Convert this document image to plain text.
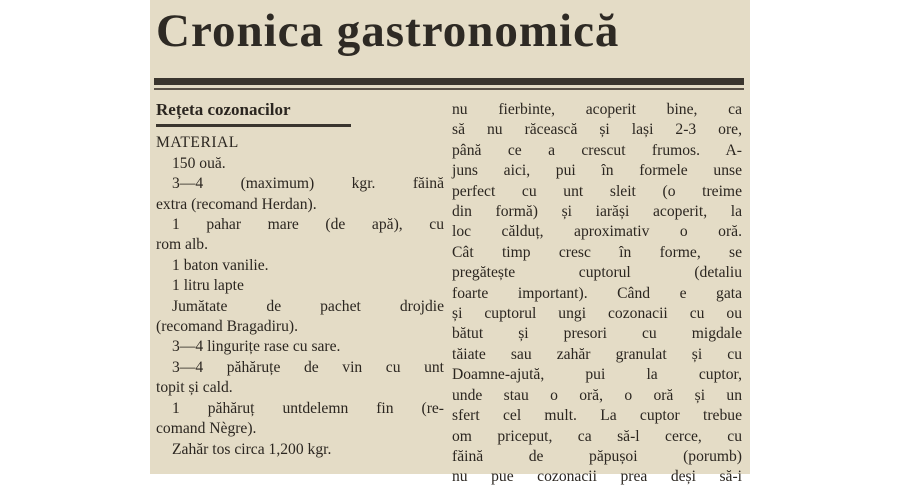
Cronica gastronomică
Rețeta cozonacilor
MATERIAL
150 ouă.
3—4 (maximum) kgr. făină
extra (recomand Herdan).
1 pahar mare (de apă), cu
rom alb.
1 baton vanilie.
1 litru lapte
Jumătate de pachet drojdie
(recomand Bragadiru).
3—4 lingurițe rase cu sare.
3—4 păhăruțe de vin cu unt
topit și cald.
1 păhăruț untdelemn fin (re-
comand Nègre).
Zahăr tos circa 1,200 kgr.
nu fierbinte, acoperit bine, ca
să nu răcească și lași 2-3 ore,
până ce a crescut frumos. A-
juns aici, pui în formele unse
perfect cu unt sleit (o treime
din formă) și iarăși acoperit, la
loc călduț, aproximativ o oră.
Cât timp cresc în forme, se
pregătește cuptorul (detaliu
foarte important). Când e gata
și cuptorul ungi cozonacii cu ou
bătut și presori cu migdale
tăiate sau zahăr granulat și cu
Doamne-ajută, pui la cuptor,
unde stau o oră, o oră și un
sfert cel mult. La cuptor trebue
om priceput, ca să-l cerce, cu
făină de păpușoi (porumb)
nu pue cozonacii prea deși să-i
